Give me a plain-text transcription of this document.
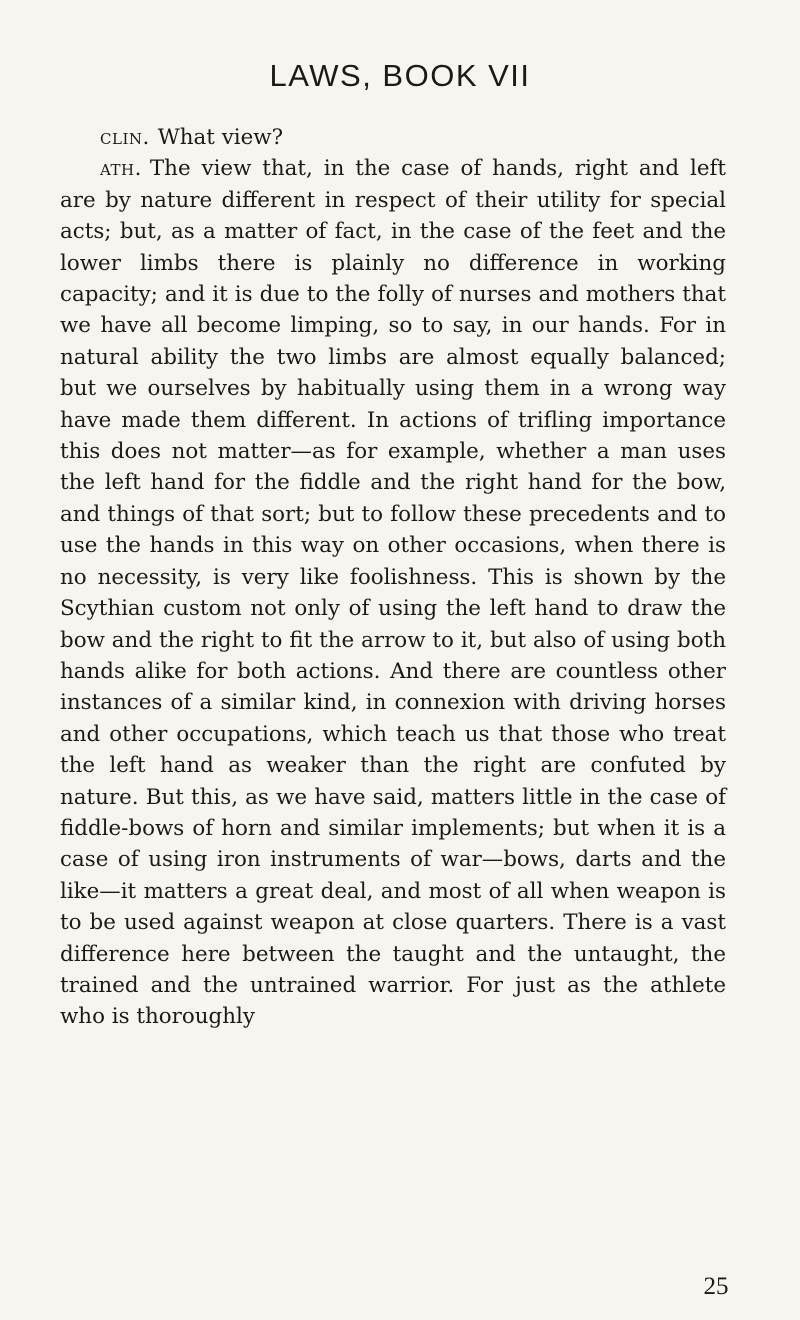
LAWS, BOOK VII

clin. What view?

ath. The view that, in the case of hands, right and left are by nature different in respect of their utility for special acts; but, as a matter of fact, in the case of the feet and the lower limbs there is plainly no difference in working capacity; and it is due to the folly of nurses and mothers that we have all become limping, so to say, in our hands. For in natural ability the two limbs are almost equally balanced; but we ourselves by habitually using them in a wrong way have made them different. In actions of trifling importance this does not matter—as for example, whether a man uses the left hand for the fiddle and the right hand for the bow, and things of that sort; but to follow these precedents and to use the hands in this way on other occasions, when there is no necessity, is very like foolishness. This is shown by the Scythian custom not only of using the left hand to draw the bow and the right to fit the arrow to it, but also of using both hands alike for both actions. And there are countless other instances of a similar kind, in connexion with driving horses and other occupations, which teach us that those who treat the left hand as weaker than the right are confuted by nature. But this, as we have said, matters little in the case of fiddle-bows of horn and similar implements; but when it is a case of using iron instruments of war—bows, darts and the like—it matters a great deal, and most of all when weapon is to be used against weapon at close quarters. There is a vast difference here between the taught and the untaught, the trained and the untrained warrior. For just as the athlete who is thoroughly

25
